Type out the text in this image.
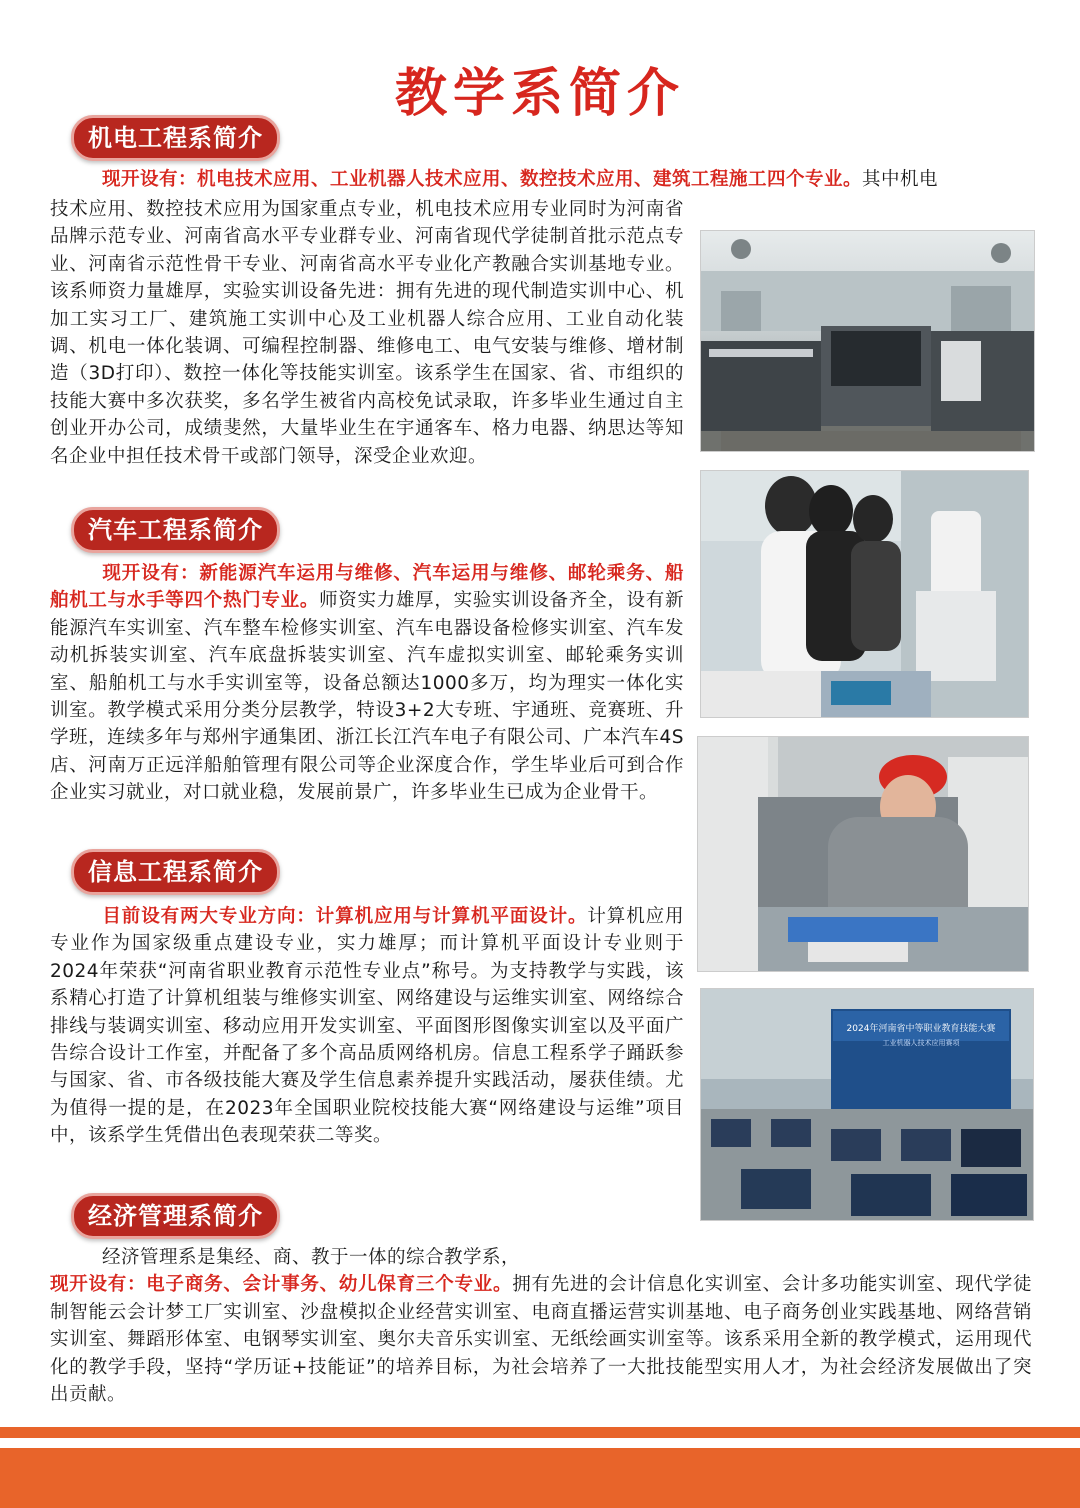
教学系简介
机电工程系简介
现开设有：机电技术应用、工业机器人技术应用、数控技术应用、建筑工程施工四个专业。其中机电
汽车工程系简介
现开设有：新能源汽车运用与维修、汽车运用与维修、邮轮乘务、船舶机工与水手等四个热门专业。师资实力雄厚，实验实训设备齐全，设有新能源汽车实训室、汽车整车检修实训室、汽车电器设备检修实训室、汽车发动机拆装实训室、汽车底盘拆装实训室、汽车虚拟实训室、邮轮乘务实训室、船舶机工与水手实训室等，设备总额达1000多万，均为理实一体化实训室。教学模式采用分类分层教学，特设3+2大专班、宇通班、竞赛班、升学班，连续多年与郑州宇通集团、浙江长江汽车电子有限公司、广本汽车4S店、河南万正远洋船舶管理有限公司等企业深度合作，学生毕业后可到合作企业实习就业，对口就业稳，发展前景广，许多毕业生已成为企业骨干。
信息工程系简介
目前设有两大专业方向：计算机应用与计算机平面设计。计算机应用专业作为国家级重点建设专业，实力雄厚；而计算机平面设计专业则于2024年荣获“河南省职业教育示范性专业点”称号。为支持教学与实践，该系精心打造了计算机组装与维修实训室、网络建设与运维实训室、网络综合排线与装调实训室、移动应用开发实训室、平面图形图像实训室以及平面广告综合设计工作室，并配备了多个高品质网络机房。信息工程系学子踊跃参与国家、省、市各级技能大赛及学生信息素养提升实践活动，屡获佳绩。尤为值得一提的是，在2023年全国职业院校技能大赛“网络建设与运维”项目中，该系学生凭借出色表现荣获二等奖。
经济管理系简介
经济管理系是集经、商、教于一体的综合教学系，
现开设有：电子商务、会计事务、幼儿保育三个专业。拥有先进的会计信息化实训室、会计多功能实训室、现代学徒制智能云会计梦工厂实训室、沙盘模拟企业经营实训室、电商直播运营实训基地、电子商务创业实践基地、网络营销实训室、舞蹈形体室、电钢琴实训室、奥尔夫音乐实训室、无纸绘画实训室等。该系采用全新的教学模式，运用现代化的教学手段，坚持“学历证+技能证”的培养目标，为社会培养了一大批技能型实用人才，为社会经济发展做出了突出贡献。
2024年河南省中等职业教育技能大赛
工业机器人技术应用赛项
技术应用、数控技术应用为国家重点专业，机电技术应用专业同时为河南省品牌示范专业、河南省高水平专业群专业、河南省现代学徒制首批示范点专业、河南省示范性骨干专业、河南省高水平专业化产教融合实训基地专业。该系师资力量雄厚，实验实训设备先进：拥有先进的现代制造实训中心、机加工实习工厂、建筑施工实训中心及工业机器人综合应用、工业自动化装调、机电一体化装调、可编程控制器、维修电工、电气安装与维修、增材制造（3D打印）、数控一体化等技能实训室。该系学生在国家、省、市组织的技能大赛中多次获奖，多名学生被省内高校免试录取，许多毕业生通过自主创业开办公司，成绩斐然，大量毕业生在宇通客车、格力电器、纳思达等知名企业中担任技术骨干或部门领导，深受企业欢迎。
